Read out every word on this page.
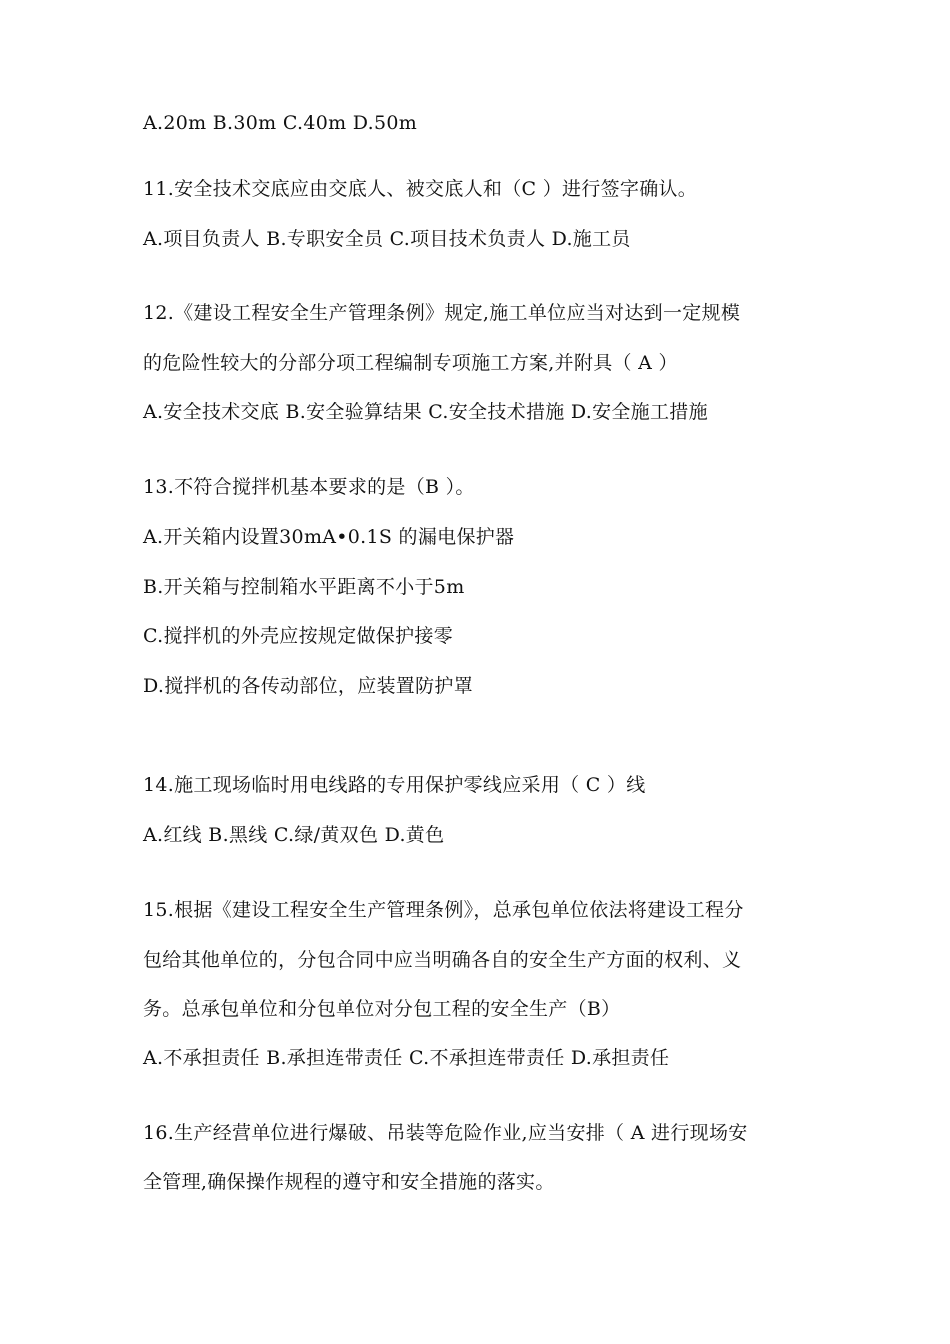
A.20m B.30m C.40m D.50m
11.安全技术交底应由交底人、被交底人和（C ）进行签字确认。
A.项目负责人 B.专职安全员 C.项目技术负责人 D.施工员
12.《建设工程安全生产管理条例》规定,施工单位应当对达到一定规模
的危险性较大的分部分项工程编制专项施工方案,并附具（ A ）
A.安全技术交底 B.安全验算结果 C.安全技术措施 D.安全施工措施
13.不符合搅拌机基本要求的是（B ）。
A.开关箱内设置30mA•0.1S 的漏电保护器
B.开关箱与控制箱水平距离不小于5m
C.搅拌机的外壳应按规定做保护接零
D.搅拌机的各传动部位，应装置防护罩
14.施工现场临时用电线路的专用保护零线应采用（ C ）线
A.红线 B.黑线 C.绿/黄双色 D.黄色
15.根据《建设工程安全生产管理条例》，总承包单位依法将建设工程分
包给其他单位的，分包合同中应当明确各自的安全生产方面的权利、义
务。总承包单位和分包单位对分包工程的安全生产（B）
A.不承担责任 B.承担连带责任 C.不承担连带责任 D.承担责任
16.生产经营单位进行爆破、吊装等危险作业,应当安排（ A 进行现场安
全管理,确保操作规程的遵守和安全措施的落实。
